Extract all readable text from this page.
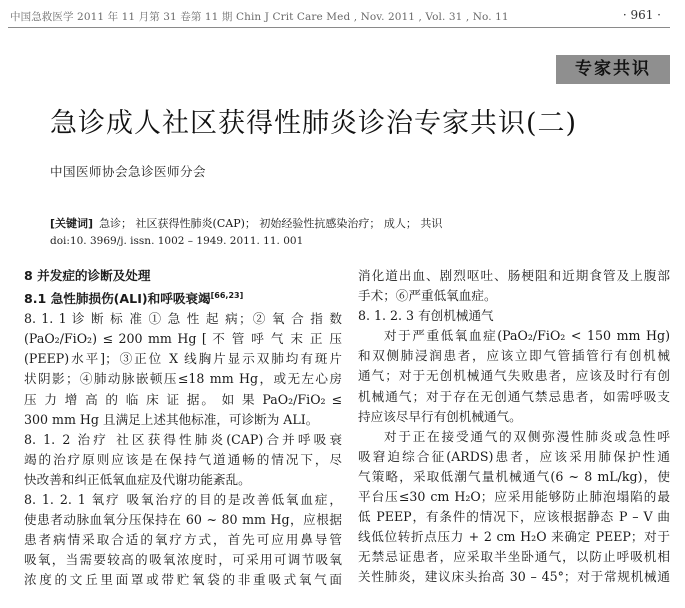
中国急救医学 2011 年 11 月第 31 卷第 11 期 Chin J Crit Care Med , Nov. 2011 , Vol. 31 , No. 11	· 961 ·
专家共识
急诊成人社区获得性肺炎诊治专家共识(二)
中国医师协会急诊医师分会
[关键词] 急诊； 社区获得性肺炎(CAP)； 初始经验性抗感染治疗； 成人； 共识
doi:10. 3969/j. issn. 1002 – 1949. 2011. 11. 001

8 并发症的诊断及处理

8.1 急性肺损伤(ALI)和呼吸衰竭[66,23]

8. 1. 1 诊 断 标 准 ① 急 性 起 病；② 氧 合 指 数

(PaO₂/FiO₂) ≤ 200 mm Hg [ 不 管 呼 气 末 正 压

(PEEP)水平]；③正位 X 线胸片显示双肺均有斑片

状阴影；④肺动脉嵌顿压≤18 mm Hg，或无左心房

压 力 增 高 的 临 床 证 据。 如 果 PaO₂/FiO₂ ≤

300 mm Hg 且满足上述其他标准，可诊断为 ALI。

8. 1. 2 治疗 社区获得性肺炎(CAP)合并呼吸衰

竭的治疗原则应该是在保持气道通畅的情况下，尽

快改善和纠正低氧血症及代谢功能紊乱。

8. 1. 2. 1 氧疗 吸氧治疗的目的是改善低氧血症，

使患者动脉血氧分压保持在 60 ~ 80 mm Hg，应根据

患者病情采取合适的氧疗方式，首先可应用鼻导管

吸氧，当需要较高的吸氧浓度时，可采用可调节吸氧

浓度的文丘里面罩或带贮氧袋的非重吸式氧气面

消化道出血、剧烈呕吐、肠梗阻和近期食管及上腹部

手术；⑥严重低氧血症。

8. 1. 2. 3 有创机械通气

对于严重低氧血症(PaO₂/FiO₂ < 150 mm Hg)

和双侧肺浸润患者，应该立即气管插管行有创机械

通气；对于无创机械通气失败患者，应该及时行有创

机械通气；对于存在无创通气禁忌患者，如需呼吸支

持应该尽早行有创机械通气。

对于正在接受通气的双侧弥漫性肺炎或急性呼

吸窘迫综合征(ARDS)患者，应该采用肺保护性通

气策略，采取低潮气量机械通气(6 ~ 8 mL/kg)，使

平台压≤30 cm H₂O；应采用能够防止肺泡塌陷的最

低 PEEP，有条件的情况下，应该根据静态 P – V 曲

线低位转折点压力 + 2 cm H₂O 来确定 PEEP；对于

无禁忌证患者，应采取半坐卧通气，以防止呼吸机相

关性肺炎，建议床头抬高 30 – 45°；对于常规机械通
